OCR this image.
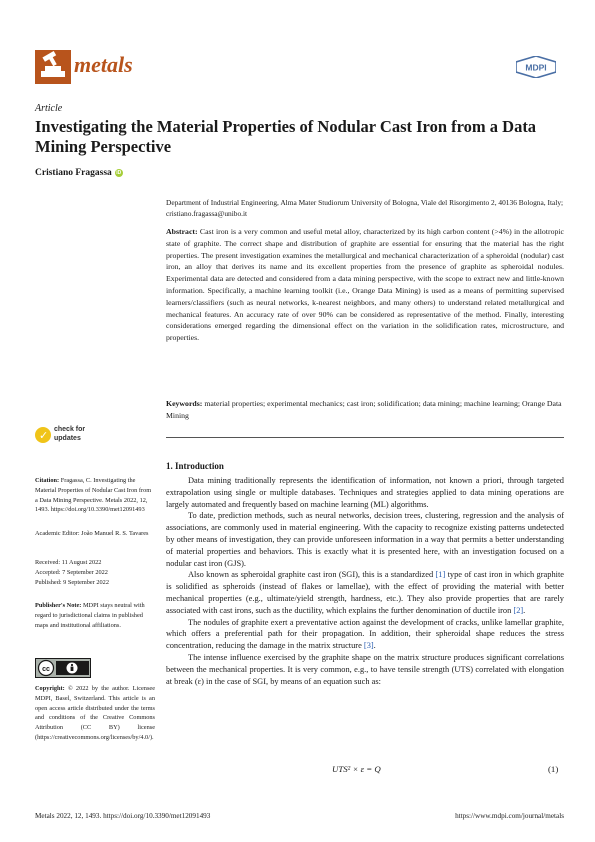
metals	MDPI
Article
Investigating the Material Properties of Nodular Cast Iron from a Data Mining Perspective
Cristiano Fragassa iD
Department of Industrial Engineering, Alma Mater Studiorum University of Bologna, Viale del Risorgimento 2, 40136 Bologna, Italy; cristiano.fragassa@unibo.it
Abstract: Cast iron is a very common and useful metal alloy, characterized by its high carbon content (>4%) in the allotropic state of graphite. The correct shape and distribution of graphite are essential for ensuring that the material has the right properties. The present investigation examines the metallurgical and mechanical characterization of a spheroidal (nodular) cast iron, an alloy that derives its name and its excellent properties from the presence of graphite as spheroidal nodules. Experimental data are detected and considered from a data mining perspective, with the scope to extract new and little-known information. Specifically, a machine learning toolkit (i.e., Orange Data Mining) is used as a means of permitting supervised learners/classifiers (such as neural networks, k-nearest neighbors, and many others) to understand related metallurgical and mechanical features. An accuracy rate of over 90% can be considered as representative of the method. Finally, interesting considerations emerged regarding the dimensional effect on the variation in the solidification rates, microstructure, and properties.
Keywords: material properties; experimental mechanics; cast iron; solidification; data mining; machine learning; Orange Data Mining
✓ check for
updates
Citation: Fragassa, C. Investigating the Material Properties of Nodular Cast Iron from a Data Mining Perspective. Metals 2022, 12, 1493. https://doi.org/10.3390/met12091493
Academic Editor: João Manuel R. S. Tavares
Received: 11 August 2022
Accepted: 7 September 2022
Published: 9 September 2022
Publisher's Note: MDPI stays neutral with regard to jurisdictional claims in published maps and institutional affiliations.
cc
Copyright: © 2022 by the author. Licensee MDPI, Basel, Switzerland. This article is an open access article distributed under the terms and conditions of the Creative Commons Attribution (CC BY) license (https://creativecommons.org/licenses/by/4.0/).
1. Introduction

Data mining traditionally represents the identification of information, not known a priori, through targeted extrapolation using single or multiple databases. Techniques and strategies applied to data mining operations are largely automated and frequently based on machine learning (ML) algorithms.

To date, prediction methods, such as neural networks, decision trees, clustering, regression and the analysis of associations, are commonly used in material engineering. With the capacity to recognize existing patterns undetected by other means of investigation, they can provide unforeseen information in a way that permits a better understanding of material properties and behaviors. This is exactly what it is presented here, with an investigation focused on a nodular cast iron (GJS).

Also known as spheroidal graphite cast iron (SGI), this is a standardized [1] type of cast iron in which graphite is solidified as spheroids (instead of flakes or lamellae), with the effect of providing the material with better mechanical properties (e.g., ultimate/yield strength, hardness, etc.). They also provide properties that are rarely associated with cast irons, such as the ductility, which explains the further denomination of ductile iron [2].

The nodules of graphite exert a preventative action against the development of cracks, unlike lamellar graphite, which offers a preferential path for their propagation. In addition, their spheroidal shape reduces the stress concentration, reducing the damage in the matrix structure [3].

The intense influence exercised by the graphite shape on the matrix structure produces significant correlations between the mechanical properties. It is very common, e.g., to have tensile strength (UTS) correlated with elongation at break (ε) in the case of SGI, by means of an equation such as:

UTS² × ε = Q	(1)
Metals 2022, 12, 1493. https://doi.org/10.3390/met12091493	https://www.mdpi.com/journal/metals
